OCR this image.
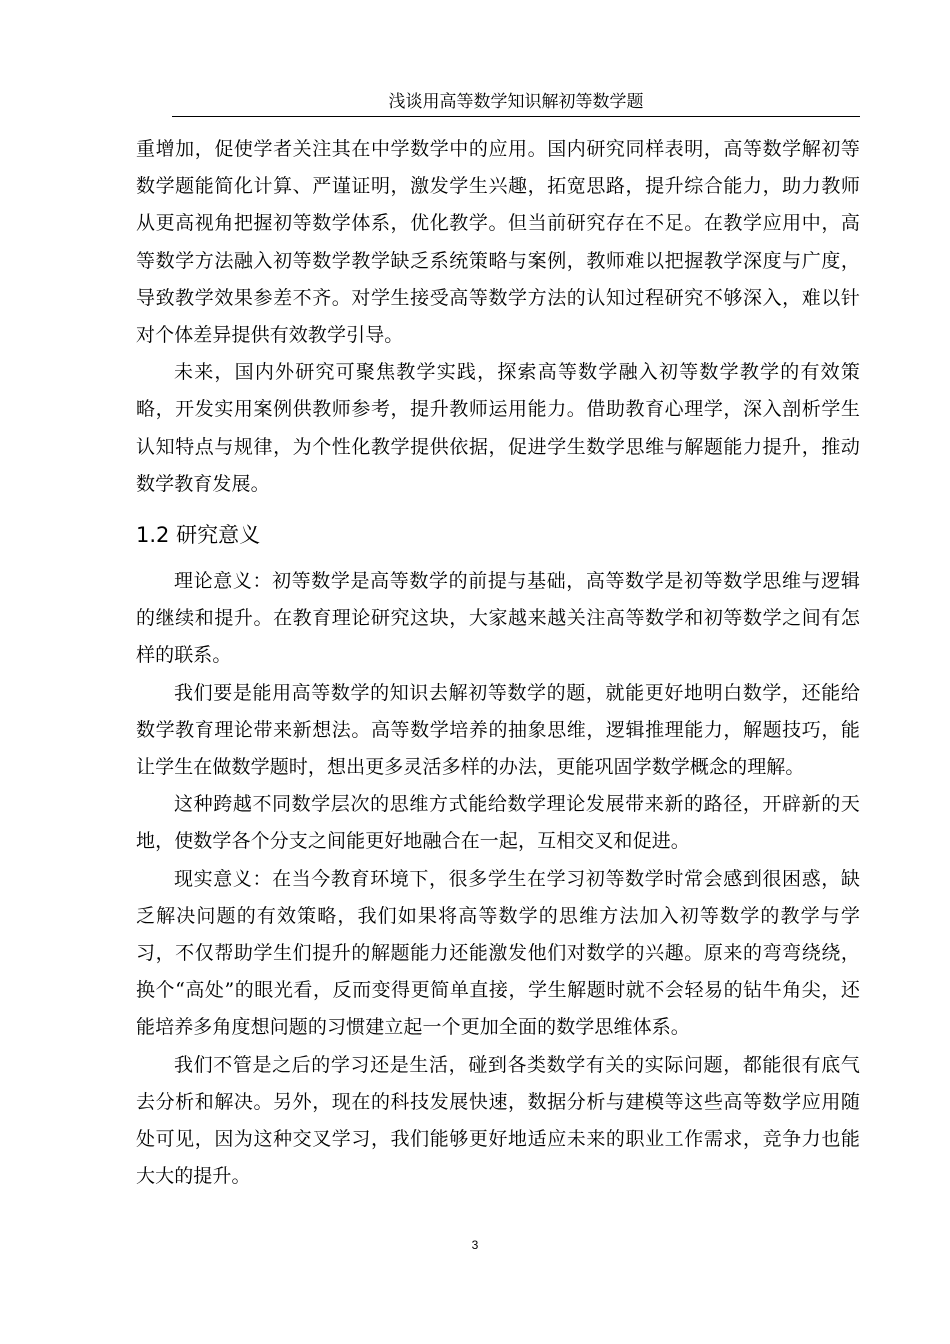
浅谈用高等数学知识解初等数学题

重增加，促使学者关注其在中学数学中的应用。国内研究同样表明，高等数学解初等数学题能简化计算、严谨证明，激发学生兴趣，拓宽思路，提升综合能力，助力教师从更高视角把握初等数学体系，优化教学。但当前研究存在不足。在教学应用中，高等数学方法融入初等数学教学缺乏系统策略与案例，教师难以把握教学深度与广度，导致教学效果参差不齐。对学生接受高等数学方法的认知过程研究不够深入，难以针对个体差异提供有效教学引导。

未来，国内外研究可聚焦教学实践，探索高等数学融入初等数学教学的有效策略，开发实用案例供教师参考，提升教师运用能力。借助教育心理学，深入剖析学生认知特点与规律，为个性化教学提供依据，促进学生数学思维与解题能力提升，推动数学教育发展。

1.2 研究意义

理论意义：初等数学是高等数学的前提与基础，高等数学是初等数学思维与逻辑的继续和提升。在教育理论研究这块，大家越来越关注高等数学和初等数学之间有怎样的联系。

我们要是能用高等数学的知识去解初等数学的题，就能更好地明白数学，还能给数学教育理论带来新想法。高等数学培养的抽象思维，逻辑推理能力，解题技巧，能让学生在做数学题时，想出更多灵活多样的办法，更能巩固学数学概念的理解。

这种跨越不同数学层次的思维方式能给数学理论发展带来新的路径，开辟新的天地，使数学各个分支之间能更好地融合在一起，互相交叉和促进。

现实意义：在当今教育环境下，很多学生在学习初等数学时常会感到很困惑，缺乏解决问题的有效策略，我们如果将高等数学的思维方法加入初等数学的教学与学习，不仅帮助学生们提升的解题能力还能激发他们对数学的兴趣。原来的弯弯绕绕，换个“高处”的眼光看，反而变得更简单直接，学生解题时就不会轻易的钻牛角尖，还能培养多角度想问题的习惯建立起一个更加全面的数学思维体系。

我们不管是之后的学习还是生活，碰到各类数学有关的实际问题，都能很有底气去分析和解决。另外，现在的科技发展快速，数据分析与建模等这些高等数学应用随处可见，因为这种交叉学习，我们能够更好地适应未来的职业工作需求，竞争力也能大大的提升。

3
